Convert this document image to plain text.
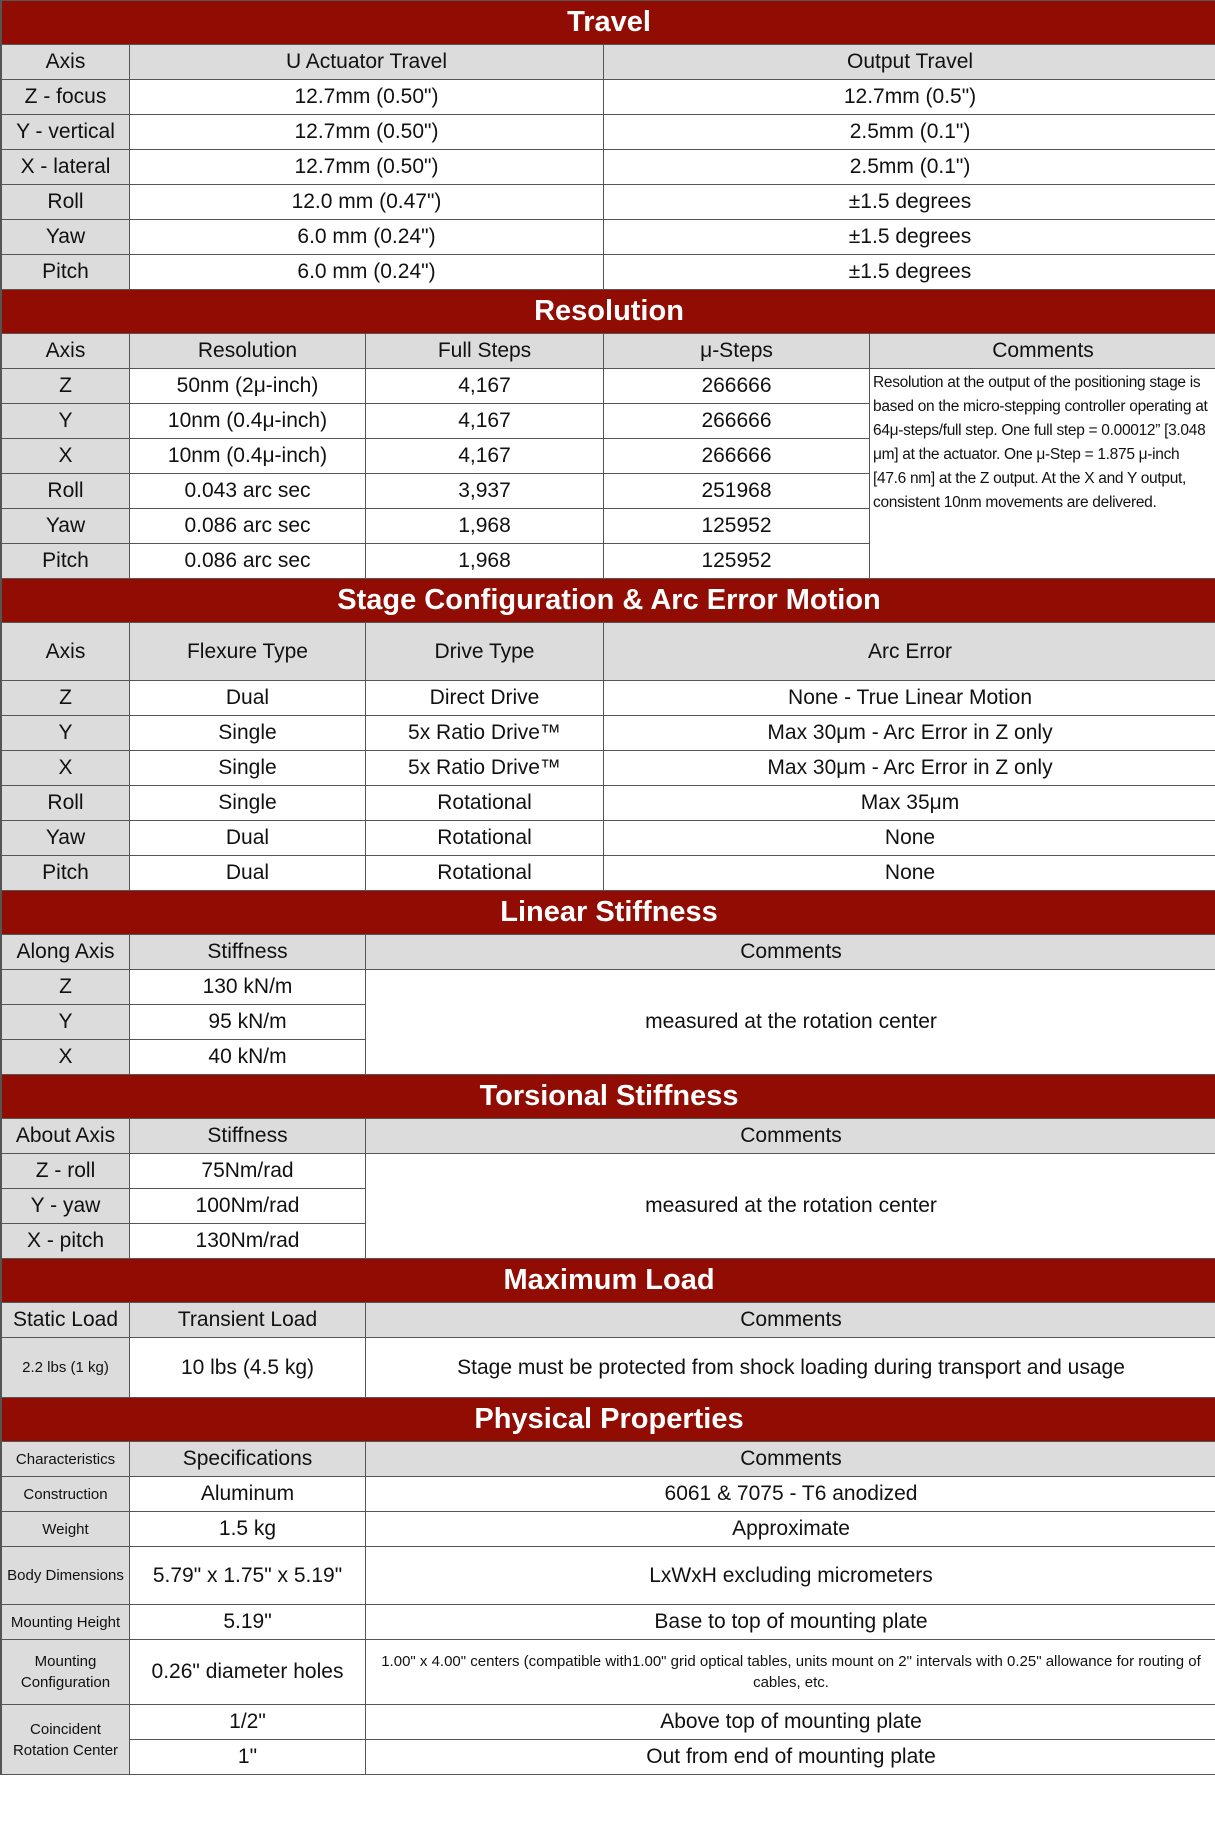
Travel				
Axis	U Actuator Travel		Output Travel	
Z - focus	12.7mm (0.50")		12.7mm (0.5")	
Y - vertical	12.7mm (0.50")		2.5mm (0.1")	
X - lateral	12.7mm (0.50")		2.5mm (0.1")	
Roll	12.0 mm (0.47")		±1.5 degrees	
Yaw	6.0 mm (0.24")		±1.5 degrees	
Pitch	6.0 mm (0.24")		±1.5 degrees	
Resolution				
Axis	Resolution	Full Steps	μ-Steps	Comments
Z	50nm (2μ-inch)	4,167	266666	Resolution at the output of the positioning stage is based on the micro-stepping controller operating at 64μ-steps/full step. One full step = 0.00012” [3.048 μm] at the actuator. One μ-Step = 1.875 μ-inch [47.6 nm] at the Z output. At the X and Y output, consistent 10nm movements are delivered.
Y	10nm (0.4μ-inch)	4,167	266666	
X	10nm (0.4μ-inch)	4,167	266666	
Roll	0.043 arc sec	3,937	251968	
Yaw	0.086 arc sec	1,968	125952	
Pitch	0.086 arc sec	1,968	125952	
Stage Configuration & Arc Error Motion				
Axis	Flexure Type	Drive Type	Arc Error	
Z	Dual	Direct Drive	None - True Linear Motion	
Y	Single	5x Ratio Drive™	Max 30μm - Arc Error in Z only	
X	Single	5x Ratio Drive™	Max 30μm - Arc Error in Z only	
Roll	Single	Rotational	Max 35μm	
Yaw	Dual	Rotational	None	
Pitch	Dual	Rotational	None	
Linear Stiffness				
Along Axis	Stiffness	Comments		
Z	130 kN/m	measured at the rotation center		
Y	95 kN/m			
X	40 kN/m			
Torsional Stiffness				
About Axis	Stiffness	Comments		
Z - roll	75Nm/rad	measured at the rotation center		
Y - yaw	100Nm/rad			
X - pitch	130Nm/rad			
Maximum Load				
Static Load	Transient Load	Comments		
2.2 lbs (1 kg)	10 lbs (4.5 kg)	Stage must be protected from shock loading during transport and usage		
Physical Properties				
Characteristics	Specifications	Comments		
Construction	Aluminum	6061 & 7075 - T6 anodized		
Weight	1.5 kg	Approximate		
Body Dimensions	5.79" x 1.75" x 5.19"	LxWxH excluding micrometers		
Mounting Height	5.19"	Base to top of mounting plate		
Mounting Configuration	0.26" diameter holes	1.00" x 4.00" centers (compatible with1.00" grid optical tables, units mount on 2" intervals with 0.25" allowance for routing of cables, etc.		
Coincident Rotation Center	1/2"	Above top of mounting plate		
	1"	Out from end of mounting plate		
